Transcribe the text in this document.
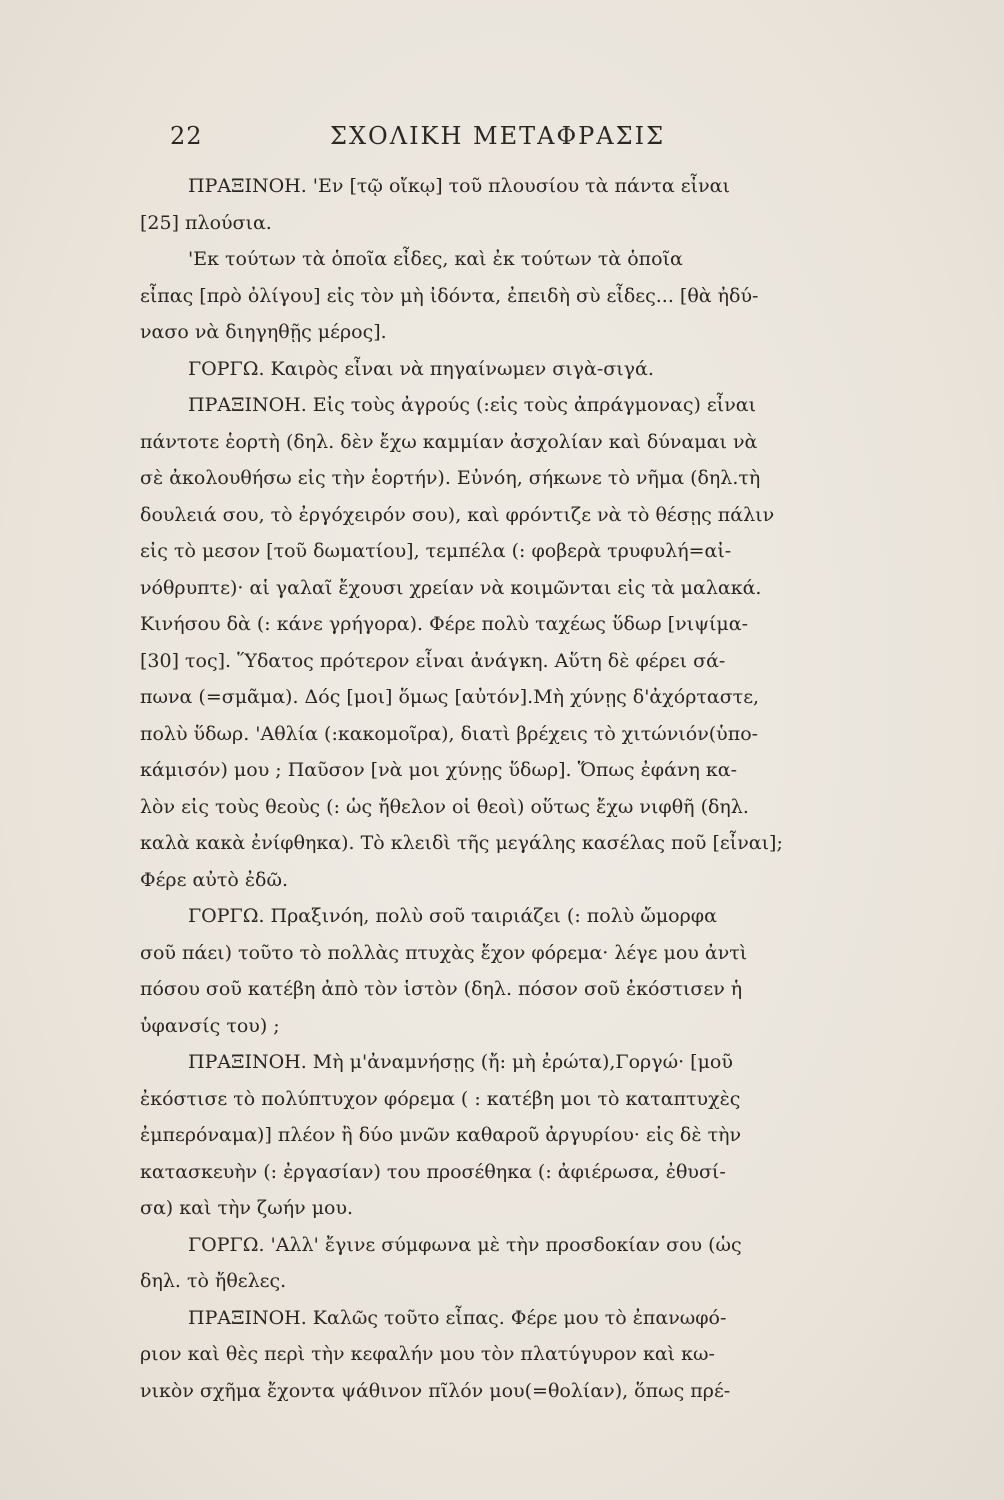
22	ΣΧΟΛΙΚΗ ΜΕΤΑΦΡΑΣΙΣ
ΠΡΑΞΙΝΟΗ. 'Εν [τῷ οἴκῳ] τοῦ πλουσίου τὰ πάντα εἶναι
[25] πλούσια.
'Εκ τούτων τὰ ὁποῖα εἶδες, καὶ ἐκ τούτων τὰ ὁποῖα
εἶπας [πρὸ ὀλίγου] εἰς τὸν μὴ ἰδόντα, ἐπειδὴ σὺ εἶδες... [θὰ ἠδύ-
νασο νὰ διηγηθῇς μέρος].
ΓΟΡΓΩ. Καιρὸς εἶναι νὰ πηγαίνωμεν σιγὰ-σιγά.
ΠΡΑΞΙΝΟΗ. Εἰς τοὺς ἀγρούς (:εἰς τοὺς ἀπράγμονας) εἶναι
πάντοτε ἑορτὴ (δηλ. δὲν ἔχω καμμίαν ἀσχολίαν καὶ δύναμαι νὰ
σὲ ἀκολουθήσω εἰς τὴν ἑορτήν). Εὐνόη, σήκωνε τὸ νῆμα (δηλ.τὴ
δουλειά σου, τὸ ἐργόχειρόν σου), καὶ φρόντιζε νὰ τὸ θέσῃς πάλιν
εἰς τὸ μεσον [τοῦ δωματίου], τεμπέλα (: φοβερὰ τρυφυλή=αἰ-
νόθρυπτε)· αἱ γαλαῖ ἔχουσι χρείαν νὰ κοιμῶνται εἰς τὰ μαλακά.
Κινήσου δὰ (: κάνε γρήγορα). Φέρε πολὺ ταχέως ὕδωρ [νιψίμα-
[30] τος]. Ὕδατος πρότερον εἶναι ἀνάγκη. Αὕτη δὲ φέρει σά-
πωνα (=σμᾶμα). Δός [μοι] ὅμως [αὐτόν].Μὴ χύνῃς δ'ἀχόρταστε,
πολὺ ὕδωρ. 'Αθλία (:κακομοῖρα), διατὶ βρέχεις τὸ χιτώνιόν(ὑπο-
κάμισόν) μου ; Παῦσον [νὰ μοι χύνῃς ὕδωρ]. Ὅπως ἐφάνη κα-
λὸν εἰς τοὺς θεοὺς (: ὡς ἤθελον οἱ θεοὶ) οὕτως ἔχω νιφθῆ (δηλ.
καλὰ κακὰ ἐνίφθηκα). Τὸ κλειδὶ τῆς μεγάλης κασέλας ποῦ [εἶναι];
Φέρε αὐτὸ ἐδῶ.
ΓΟΡΓΩ. Πραξινόη, πολὺ σοῦ ταιριάζει (: πολὺ ὤμορφα
σοῦ πάει) τοῦτο τὸ πολλὰς πτυχὰς ἔχον φόρεμα· λέγε μου ἀντὶ
πόσου σοῦ κατέβη ἀπὸ τὸν ἱστὸν (δηλ. πόσον σοῦ ἐκόστισεν ἡ
ὑφανσίς του) ;
ΠΡΑΞΙΝΟΗ. Μὴ μ'ἀναμνήσῃς (ἤ: μὴ ἐρώτα),Γοργώ· [μοῦ
ἐκόστισε τὸ πολύπτυχον φόρεμα ( : κατέβη μοι τὸ καταπτυχὲς
ἐμπερόναμα)] πλέον ἢ δύο μνῶν καθαροῦ ἀργυρίου· εἰς δὲ τὴν
κατασκευὴν (: ἐργασίαν) του προσέθηκα (: ἀφιέρωσα, ἐθυσί-
σα) καὶ τὴν ζωήν μου.
ΓΟΡΓΩ. 'Αλλ' ἔγινε σύμφωνα μὲ τὴν προσδοκίαν σου (ὡς
δηλ. τὸ ἤθελες.
ΠΡΑΞΙΝΟΗ. Καλῶς τοῦτο εἶπας. Φέρε μου τὸ ἐπανωφό-
ριον καὶ θὲς περὶ τὴν κεφαλήν μου τὸν πλατύγυρον καὶ κω-
νικὸν σχῆμα ἔχοντα ψάθινον πῖλόν μου(=θολίαν), ὅπως πρέ-
